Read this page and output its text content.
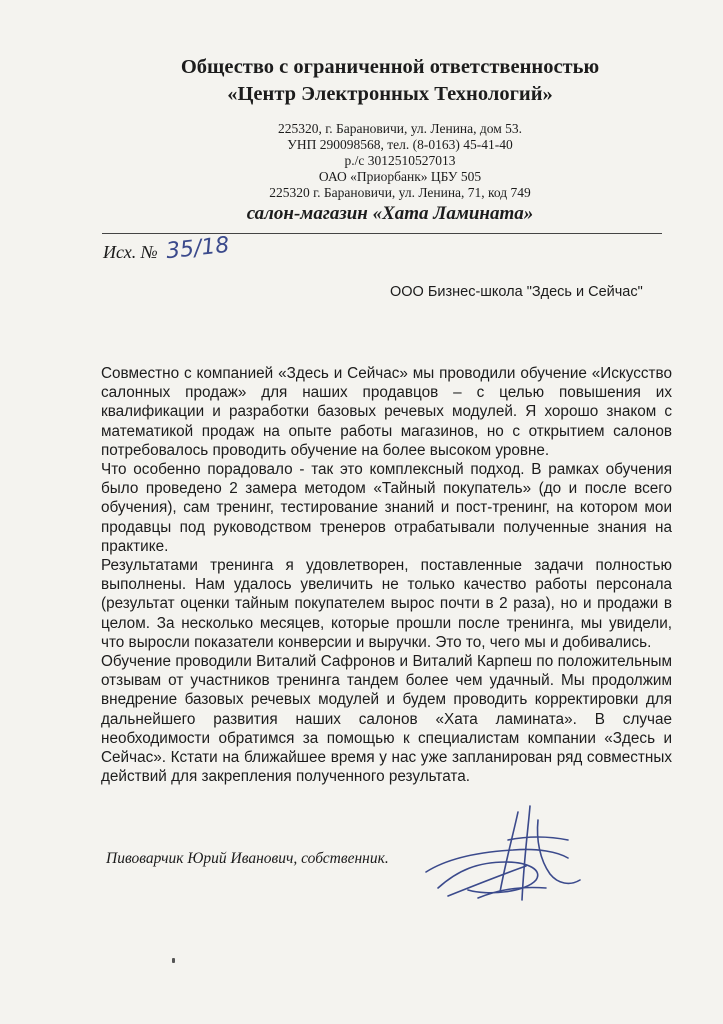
Общество с ограниченной ответственностью
«Центр Электронных Технологий»
225320, г. Барановичи, ул. Ленина, дом 53.
УНП 290098568, тел. (8-0163) 45-41-40
р./с 3012510527013
ОАО «Приорбанк» ЦБУ 505
225320 г. Барановичи, ул. Ленина, 71, код 749
салон-магазин «Хата Ламината»
Исх. № 35/18
ООО Бизнес-школа "Здесь и Сейчас"

Совместно с компанией «Здесь и Сейчас» мы проводили обучение «Искусство салонных продаж» для наших продавцов – с целью повышения их квалификации и разработки базовых речевых модулей. Я хорошо знаком с математикой продаж на опыте работы магазинов, но с открытием салонов потребовалось проводить обучение на более высоком уровне.

Что особенно порадовало - так это комплексный подход. В рамках обучения было проведено 2 замера методом «Тайный покупатель» (до и после всего обучения), сам тренинг, тестирование знаний и пост-тренинг, на котором мои продавцы под руководством тренеров отрабатывали полученные знания на практике.

Результатами тренинга я удовлетворен, поставленные задачи полностью выполнены. Нам удалось увеличить не только качество работы персонала (результат оценки тайным покупателем вырос почти в 2 раза), но и продажи в целом. За несколько месяцев, которые прошли после тренинга, мы увидели, что выросли показатели конверсии и выручки. Это то, чего мы и добивались.

Обучение проводили Виталий Сафронов и Виталий Карпеш по положительным отзывам от участников тренинга тандем более чем удачный. Мы продолжим внедрение базовых речевых модулей и будем проводить корректировки для дальнейшего развития наших салонов «Хата ламината». В случае необходимости обратимся за помощью к специалистам компании «Здесь и Сейчас». Кстати на ближайшее время у нас уже запланирован ряд совместных действий для закрепления полученного результата.

Пивоварчик Юрий Иванович, собственник.
